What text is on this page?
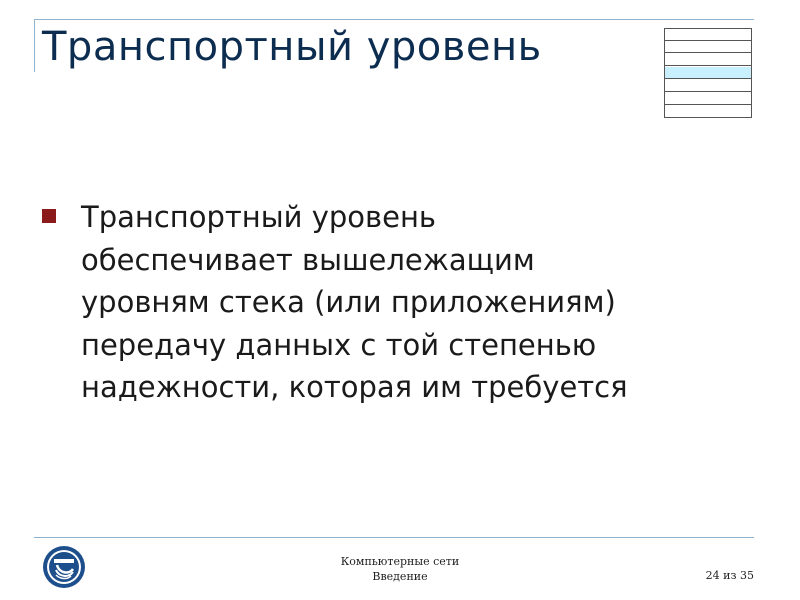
Транспортный уровень
Транспортный уровень
обеспечивает вышележащим
уровням стека (или приложениям)
передачу данных с той степенью
надежности, которая им требуется
Компьютерные сети
Введение	24 из 35
